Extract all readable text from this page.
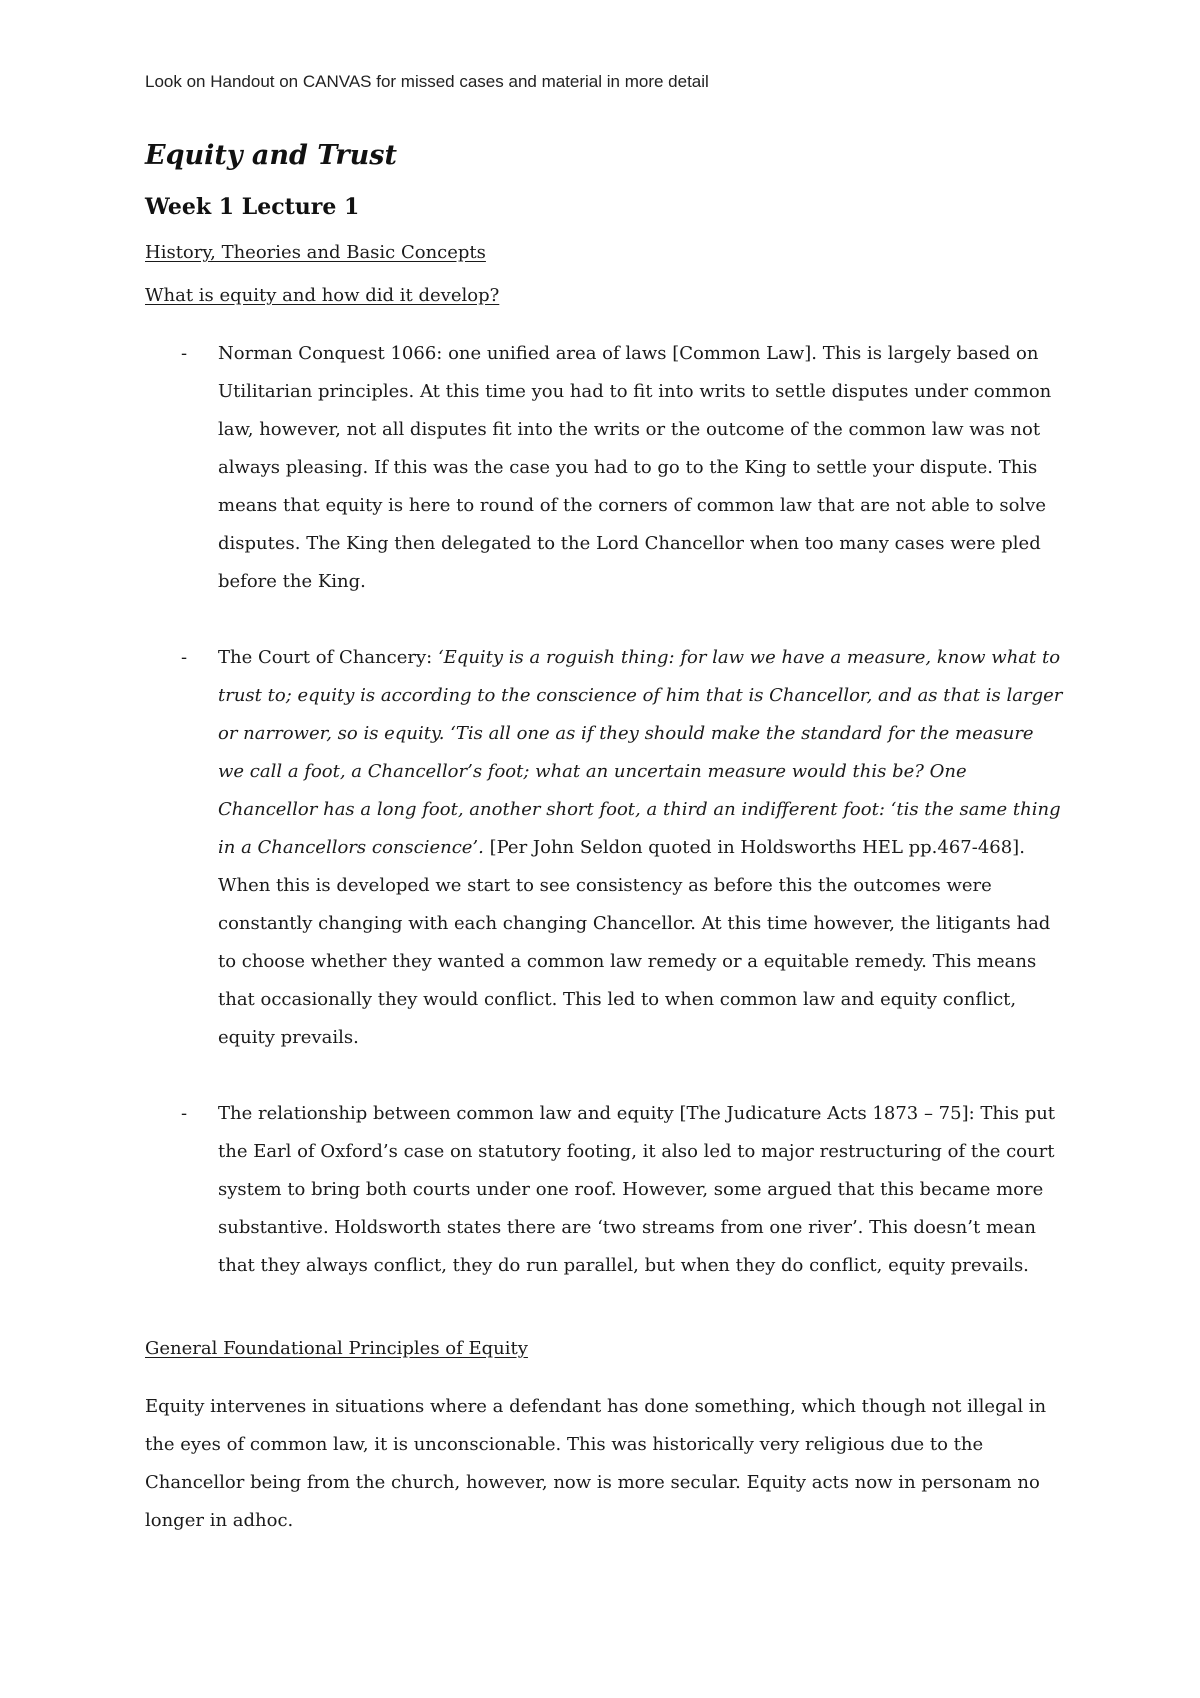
Look on Handout on CANVAS for missed cases and material in more detail
Equity and Trust
Week 1 Lecture 1

History, Theories and Basic Concepts

What is equity and how did it develop?

- Norman Conquest 1066: one unified area of laws [Common Law]. This is largely based on Utilitarian principles. At this time you had to fit into writs to settle disputes under common law, however, not all disputes fit into the writs or the outcome of the common law was not always pleasing. If this was the case you had to go to the King to settle your dispute. This means that equity is here to round of the corners of common law that are not able to solve disputes. The King then delegated to the Lord Chancellor when too many cases were pled before the King.
- The Court of Chancery: ‘Equity is a roguish thing: for law we have a measure, know what to trust to; equity is according to the conscience of him that is Chancellor, and as that is larger or narrower, so is equity. ‘Tis all one as if they should make the standard for the measure we call a foot, a Chancellor’s foot; what an uncertain measure would this be? One Chancellor has a long foot, another short foot, a third an indifferent foot: ‘tis the same thing in a Chancellors conscience’. [Per John Seldon quoted in Holdsworths HEL pp.467-468]. When this is developed we start to see consistency as before this the outcomes were constantly changing with each changing Chancellor. At this time however, the litigants had to choose whether they wanted a common law remedy or a equitable remedy. This means that occasionally they would conflict. This led to when common law and equity conflict, equity prevails.
- The relationship between common law and equity [The Judicature Acts 1873 – 75]: This put the Earl of Oxford’s case on statutory footing, it also led to major restructuring of the court system to bring both courts under one roof. However, some argued that this became more substantive. Holdsworth states there are ‘two streams from one river’. This doesn’t mean that they always conflict, they do run parallel, but when they do conflict, equity prevails.

General Foundational Principles of Equity

Equity intervenes in situations where a defendant has done something, which though not illegal in the eyes of common law, it is unconscionable. This was historically very religious due to the Chancellor being from the church, however, now is more secular. Equity acts now in personam no longer in adhoc.
